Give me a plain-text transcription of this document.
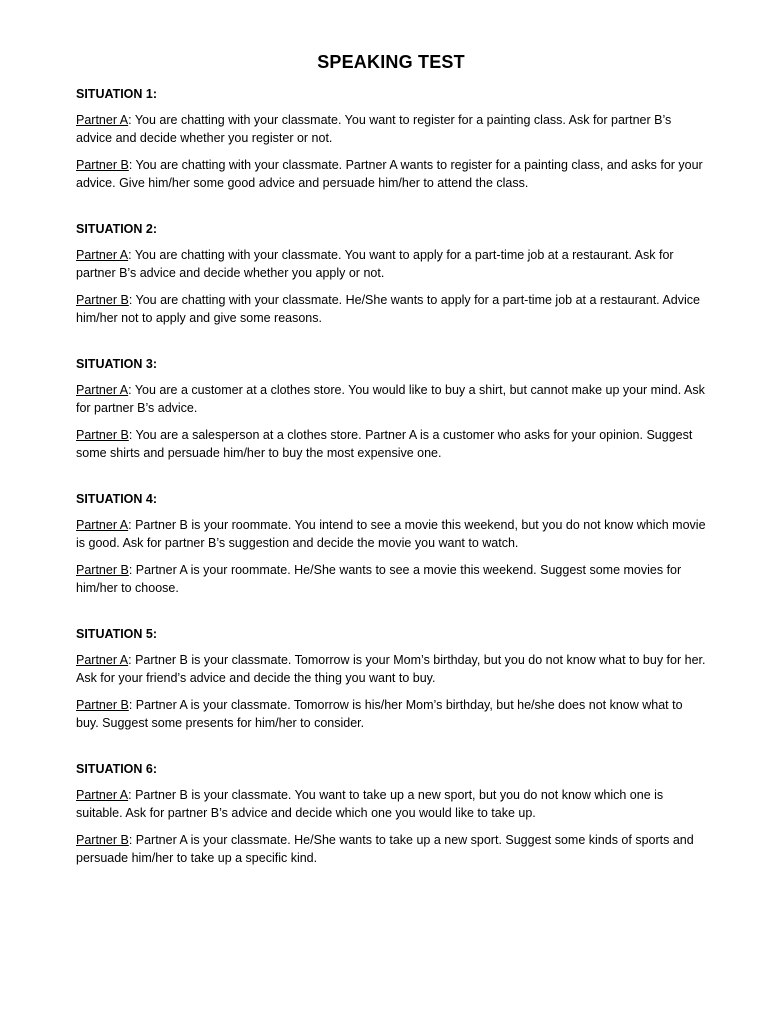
SPEAKING TEST
SITUATION 1:

Partner A: You are chatting with your classmate. You want to register for a painting class. Ask for partner B’s advice and decide whether you register or not.

Partner B: You are chatting with your classmate. Partner A wants to register for a painting class, and asks for your advice. Give him/her some good advice and persuade him/her to attend the class.

SITUATION 2:

Partner A: You are chatting with your classmate. You want to apply for a part-time job at a restaurant. Ask for partner B’s advice and decide whether you apply or not.

Partner B: You are chatting with your classmate. He/She wants to apply for a part-time job at a restaurant. Advice him/her not to apply and give some reasons.

SITUATION 3:

Partner A: You are a customer at a clothes store. You would like to buy a shirt, but cannot make up your mind. Ask for partner B’s advice.

Partner B: You are a salesperson at a clothes store. Partner A is a customer who asks for your opinion. Suggest some shirts and persuade him/her to buy the most expensive one.

SITUATION 4:

Partner A: Partner B is your roommate. You intend to see a movie this weekend, but you do not know which movie is good. Ask for partner B’s suggestion and decide the movie you want to watch.

Partner B: Partner A is your roommate. He/She wants to see a movie this weekend. Suggest some movies for him/her to choose.

SITUATION 5:

Partner A: Partner B is your classmate. Tomorrow is your Mom’s birthday, but you do not know what to buy for her. Ask for your friend’s advice and decide the thing you want to buy.

Partner B: Partner A is your classmate. Tomorrow is his/her Mom’s birthday, but he/she does not know what to buy. Suggest some presents for him/her to consider.

SITUATION 6:

Partner A: Partner B is your classmate. You want to take up a new sport, but you do not know which one is suitable. Ask for partner B’s advice and decide which one you would like to take up.

Partner B: Partner A is your classmate. He/She wants to take up a new sport. Suggest some kinds of sports and persuade him/her to take up a specific kind.
